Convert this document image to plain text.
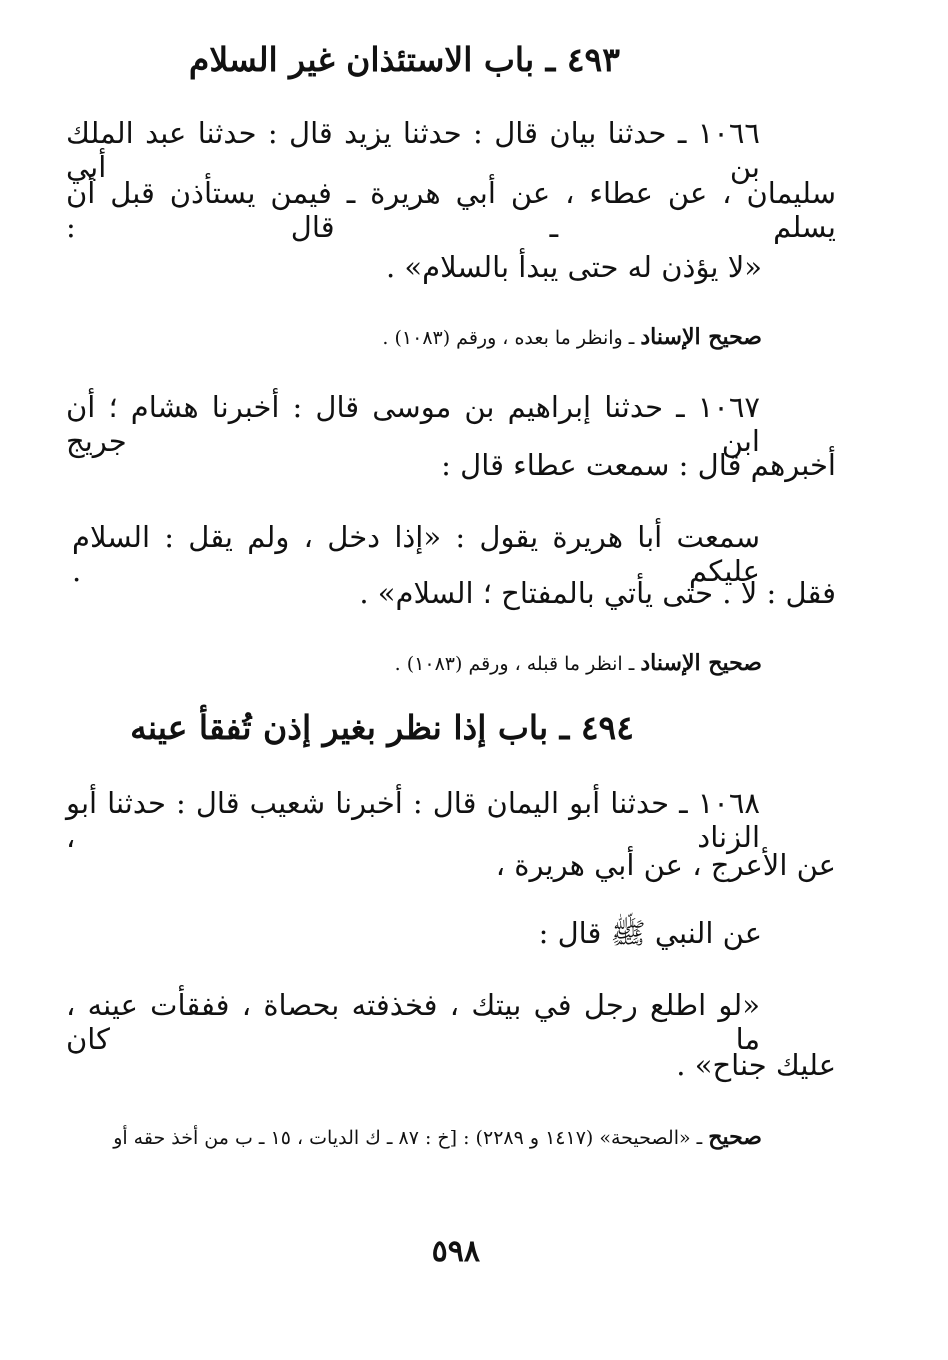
٤٩٣ ـ باب الاستئذان غير السلام
١٠٦٦ ـ حدثنا بيان قال : حدثنا يزيد قال : حدثنا عبد الملك بن أبي
سليمان ، عن عطاء ، عن أبي هريرة ـ فيمن يستأذن قبل أن يسلم ـ قال :
«لا يؤذن له حتى يبدأ بالسلام» .
صحيح الإسناد ـ وانظر ما بعده ، ورقم (١٠٨٣) .
١٠٦٧ ـ حدثنا إبراهيم بن موسى قال : أخبرنا هشام ؛ أن ابن جريج
أخبرهم قال : سمعت عطاء قال :
سمعت أبا هريرة يقول : «إذا دخل ، ولم يقل : السلام عليكم .
فقل : لا . حتى يأتي بالمفتاح ؛ السلام» .
صحيح الإسناد ـ انظر ما قبله ، ورقم (١٠٨٣) .
٤٩٤ ـ باب إذا نظر بغير إذن تُفقأ عينه
١٠٦٨ ـ حدثنا أبو اليمان قال : أخبرنا شعيب قال : حدثنا أبو الزناد ،
عن الأعرج ، عن أبي هريرة ،
عن النبي ﷺ قال :
«لو اطلع رجل في بيتك ، فخذفته بحصاة ، ففقأت عينه ، ما كان
عليك جناح» .
صحيح ـ «الصحيحة» (١٤١٧ و ٢٢٨٩) : [خ : ٨٧ ـ ك الديات ، ١٥ ـ ب من أخذ حقه أو
٥٩٨
